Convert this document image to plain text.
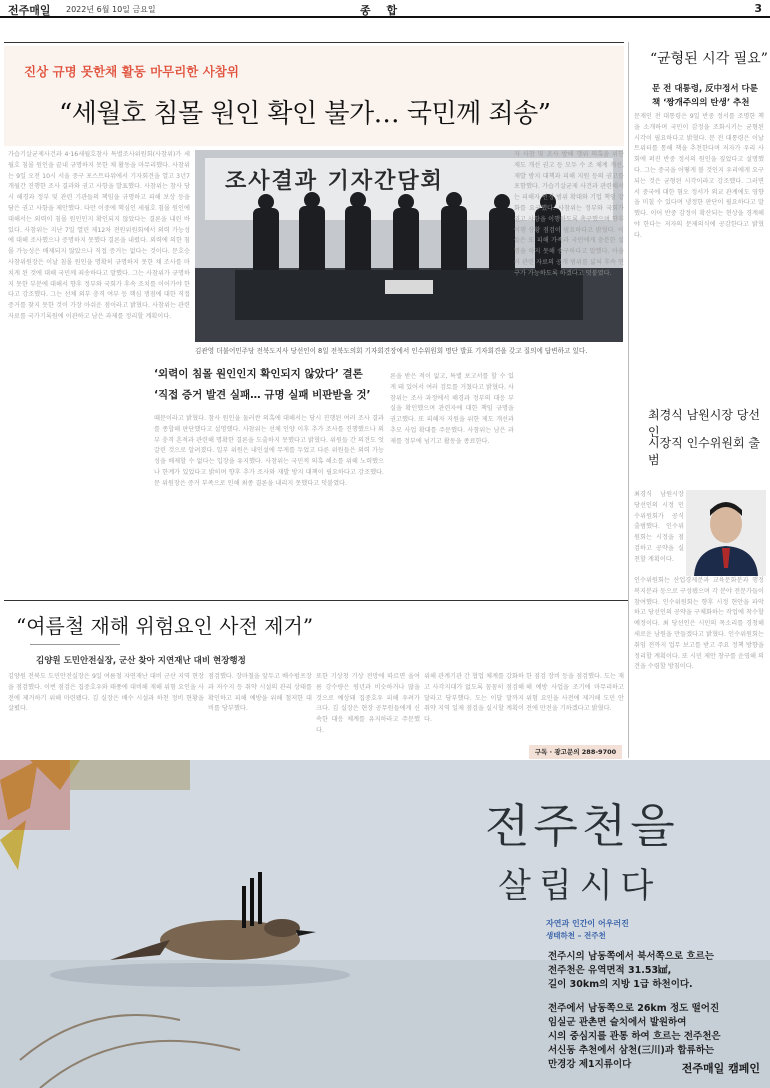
전주매일 2022년 6월 10일 금요일	종 합	3
진상 규명 못한채 활동 마무리한 사참위
“세월호 침몰 원인 확인 불가… 국민께 죄송”
가습기살균제사건과 4·16세월호참사 특별조사위원회(사참위)가 세월호 침몰 원인을 끝내 규명하지 못한 채 활동을 마무리했다. 사참위는 9일 오전 10시 서울 중구 포스트타워에서 기자회견을 열고 3년7개월간 진행한 조사 결과와 권고 사항을 발표했다. 사참위는 참사 당시 해경과 정부 및 관련 기관들의 책임을 규명하고 피해 보상 등을 담은 권고 사항을 제안했다. 다만 이중에 핵심인 세월호 침몰 원인에 대해서는 외력이 침몰 원인인지 확인되지 않았다는 결론을 내린 바 있다. 사참위는 지난 7일 열린 제12차 전원위원회에서 외력 가능성에 대해 조사했으나 증명하지 못했다 결론을 내렸다. 외력에 의한 침몰 가능성은 배제되지 않았으나 직접 증거는 없다는 것이다. 문호승 사참위원장은 이날 침몰 원인을 명확히 규명하지 못한 채 조사를 마치게 된 것에 대해 국민께 죄송하다고 말했다. 그는 사참위가 규명하지 못한 부분에 대해서 향후 정부와 국회가 후속 조치를 이어가야 한다고 강조했다. 그는 선체 외부 충격 여부 등 핵심 쟁점에 대한 직접 증거를 찾지 못한 것이 가장 아쉬운 점이라고 밝혔다. 사참위는 관련 자료를 국가기록원에 이관하고 남은 과제를 정리할 계획이다.
조사결과 기자간담회
김관영 더불어민주당 전북도지사 당선인이 8일 전북도의회 기자회견장에서 인수위원회 명단 발표 기자회견을 갖고 질의에 답변하고 있다.
‘외력이 침몰 원인인지 확인되지 않았다’ 결론
‘직접 증거 발견 실패… 규명 실패 비판받을 것’
때문이라고 밝혔다. 참사 원인을 둘러싼 의혹에 대해서는 당시 진행된 여러 조사 결과를 종합해 판단했다고 설명했다. 사참위는 선체 인양 이후 추가 조사를 진행했으나 외부 충격 흔적과 관련해 명확한 결론을 도출하지 못했다고 밝혔다. 위원들 간 의견도 엇갈린 것으로 알려졌다. 일부 위원은 내인설에 무게를 두었고 다른 위원들은 외력 가능성을 배제할 수 없다는 입장을 유지했다. 사참위는 국민적 의혹 해소를 위해 노력했으나 한계가 있었다고 밝히며 향후 추가 조사와 재발 방지 대책이 필요하다고 강조했다. 문 위원장은 증거 부족으로 인해 최종 결론을 내리지 못했다고 덧붙였다.
론을 받은 적이 없고, 특별 보고서를 할 수 있게 돼 있어서 여러 검토를 거쳤다고 밝혔다. 사참위는 조사 과정에서 해경과 정부의 대응 부실을 확인했으며 관련자에 대한 책임 규명을 권고했다. 또 피해자 지원을 위한 제도 개선과 추모 사업 확대를 주문했다. 사참위는 남은 과제를 정부에 넘기고 활동을 종료한다.
자 사참 및 조사 방해 행위 의혹을 위한 제도 개선 권고 등 모두 수 조 체계 개선, 재발 방지 대책과 피해 지원 등의 권고를 포함했다. 가습기살균제 사건과 관련해서는 피해자 인정 범위 확대와 기업 책임 강화를 요구했다. 사참위는 정부와 국회가 권고 사항을 이행하도록 촉구했으며 향후 이행 상황 점검이 필요하다고 밝혔다. 이들은 또 피해 가족과 국민에게 충분한 설명을 하지 못해 송구하다고 말했다. 아울러 관련 자료의 공개 범위를 넓혀 후속 연구가 가능하도록 하겠다고 덧붙였다.
“균형된 시각 필요”
문 전 대통령, 反中정서 다룬
책 ‘짱개주의의 탄생’ 추천
문재인 전 대통령은 9일 반중 정서를 조명한 책을 소개하며 국민이 감정을 조화시키는 균형된 시각이 필요하다고 밝혔다. 문 전 대통령은 이날 트위터를 통해 책을 추천한다며 저자가 우리 사회에 퍼진 반중 정서의 원인을 짚었다고 설명했다. 그는 중국을 어떻게 볼 것인지 우리에게 요구되는 것은 균형된 시각이라고 강조했다. 그러면서 중국에 대한 혐오 정서가 외교 관계에도 영향을 미칠 수 있다며 냉정한 판단이 필요하다고 말했다. 이어 반중 감정이 확산되는 현상을 경계해야 한다는 저자의 문제의식에 공감한다고 밝혔다.
최경식 남원시장 당선인
시장직 인수위원회 출범
최경식 남원시장 당선인의 시정 인수위원회가 공식 출범했다. 인수위원회는 시정을 점검하고 공약을 실천할 계획이다.
인수위원회는 산업경제분과 교육문화분과 행정복지분과 등으로 구성됐으며 각 분야 전문가들이 참여했다. 인수위원회는 향후 시정 현안을 파악하고 당선인의 공약을 구체화하는 작업에 착수할 예정이다. 최 당선인은 시민의 목소리를 경청해 새로운 남원을 만들겠다고 밝혔다. 인수위원회는 취임 전까지 업무 보고를 받고 주요 정책 방향을 정리할 계획이다. 또 시민 제안 창구를 운영해 의견을 수렴할 방침이다.
“여름철 재해 위험요인 사전 제거”
김양원 도민안전실장, 군산 찾아 지연재난 대비 현장행정
김양원 전북도 도민안전실장은 9일 여름철 자연재난 대비 군산 지역 현장을 점검했다. 이번 점검은 집중호우와 태풍에 대비해 재해 위험 요인을 사전에 제거하기 위해 마련됐다. 김 실장은 배수 시설과 하천 정비 현황을 살폈다.
점검했다. 장마철을 앞두고 배수펌프장과 저수지 등 취약 시설의 관리 상태를 확인하고 피해 예방을 위해 철저한 대비를 당부했다.
또한 기상청 기상 전망에 따르면 올여름 강수량은 평년과 비슷하거나 많을 것으로 예상돼 집중호우 피해 우려가 크다. 김 실장은 현장 공무원들에게 신속한 대응 체계를 유지하라고 주문했다.
위해 관계기관 간 협업 체계를 강화하고 사각지대가 없도록 꼼꼼히 점검해 달라고 당부했다. 도는 이달 말까지 취약 지역 일제 점검을 실시할 계획이다.
한 점검 장비 등을 점검했다. 도는 재해 예방 사업을 조기에 마무리하고 위험 요인을 사전에 제거해 도민 안전에 만전을 기하겠다고 밝혔다.
구독 · 광고문의 288-9700
전주천을
살립시다
자연과 인간이 어우러진
생태하천 – 전주천
전주시의 남동쪽에서 북서쪽으로 흐르는
전주천은 유역면적 31.53㎢,
길이 30km의 지방 1급 하천이다.
전주에서 남동쪽으로 26km 정도 떨어진
임실군 관촌면 슬치에서 발원하여
시의 중심지를 관통 하여 흐르는 전주천은
서신동 추천에서 삼천(三川)과 합류하는
만경강 제1지류이다	전주매일 캠페인
